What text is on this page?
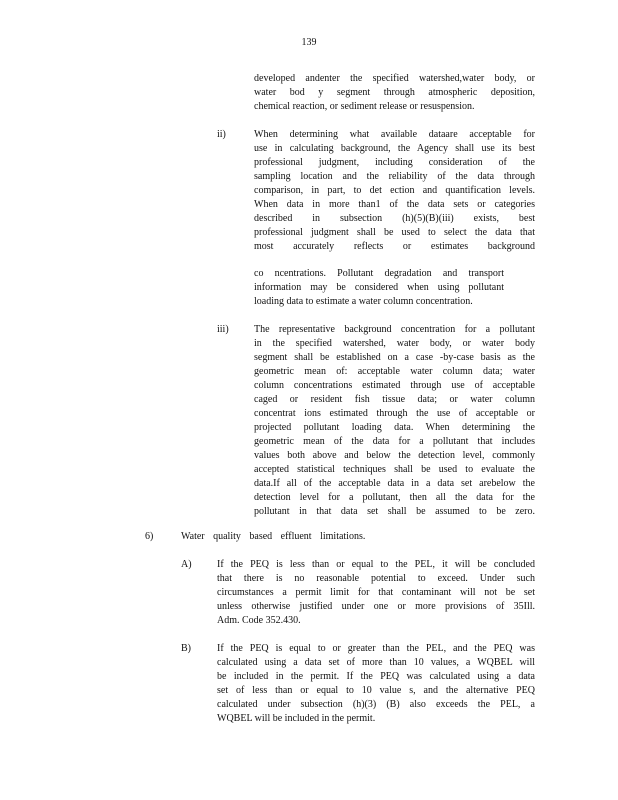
139
developed andenter the specified watershed,water body, or
water bod y segment through atmospheric deposition,
chemical reaction, or sediment release or resuspension.
ii)	When determining what available dataare acceptable for
use in calculating background, the Agency shall use its best
professional judgment, including consideration of the
sampling location and the reliability of the data through
comparison, in part, to det ection and quantification levels.
When data in more than1 of the data sets or categories
described in subsection (h)(5)(B)(iii) exists, best
professional judgment shall be used to select the data that
most accurately reflects or estimates background
co ncentrations. Pollutant degradation and transport
information may be considered when using pollutant
loading data to estimate a water column concentration.
iii)	The representative background concentration for a pollutant
in the specified watershed, water body, or water body
segment shall be established on a case -by-case basis as the
geometric mean of: acceptable water column data; water
column concentrations estimated through use of acceptable
caged or resident fish tissue data; or water column
concentrat ions estimated through the use of acceptable or
projected pollutant loading data. When determining the
geometric mean of the data for a pollutant that includes
values both above and below the detection level, commonly
accepted statistical techniques shall be used to evaluate the
data.If all of the acceptable data in a data set arebelow the
detection level for a pollutant, then all the data for the
pollutant in that data set shall be assumed to be zero.
6)	Water quality based effluent limitations.
A)	If the PEQ is less than or equal to the PEL, it will be concluded
that there is no reasonable potential to exceed. Under such
circumstances a permit limit for that contaminant will not be set
unless otherwise justified under one or more provisions of 35Ill.
Adm. Code 352.430.
B)	If the PEQ is equal to or greater than the PEL, and the PEQ was
calculated using a data set of more than 10 values, a WQBEL will
be included in the permit. If the PEQ was calculated using a data
set of less than or equal to 10 value s, and the alternative PEQ
calculated under subsection (h)(3) (B) also exceeds the PEL, a
WQBEL will be included in the permit.
